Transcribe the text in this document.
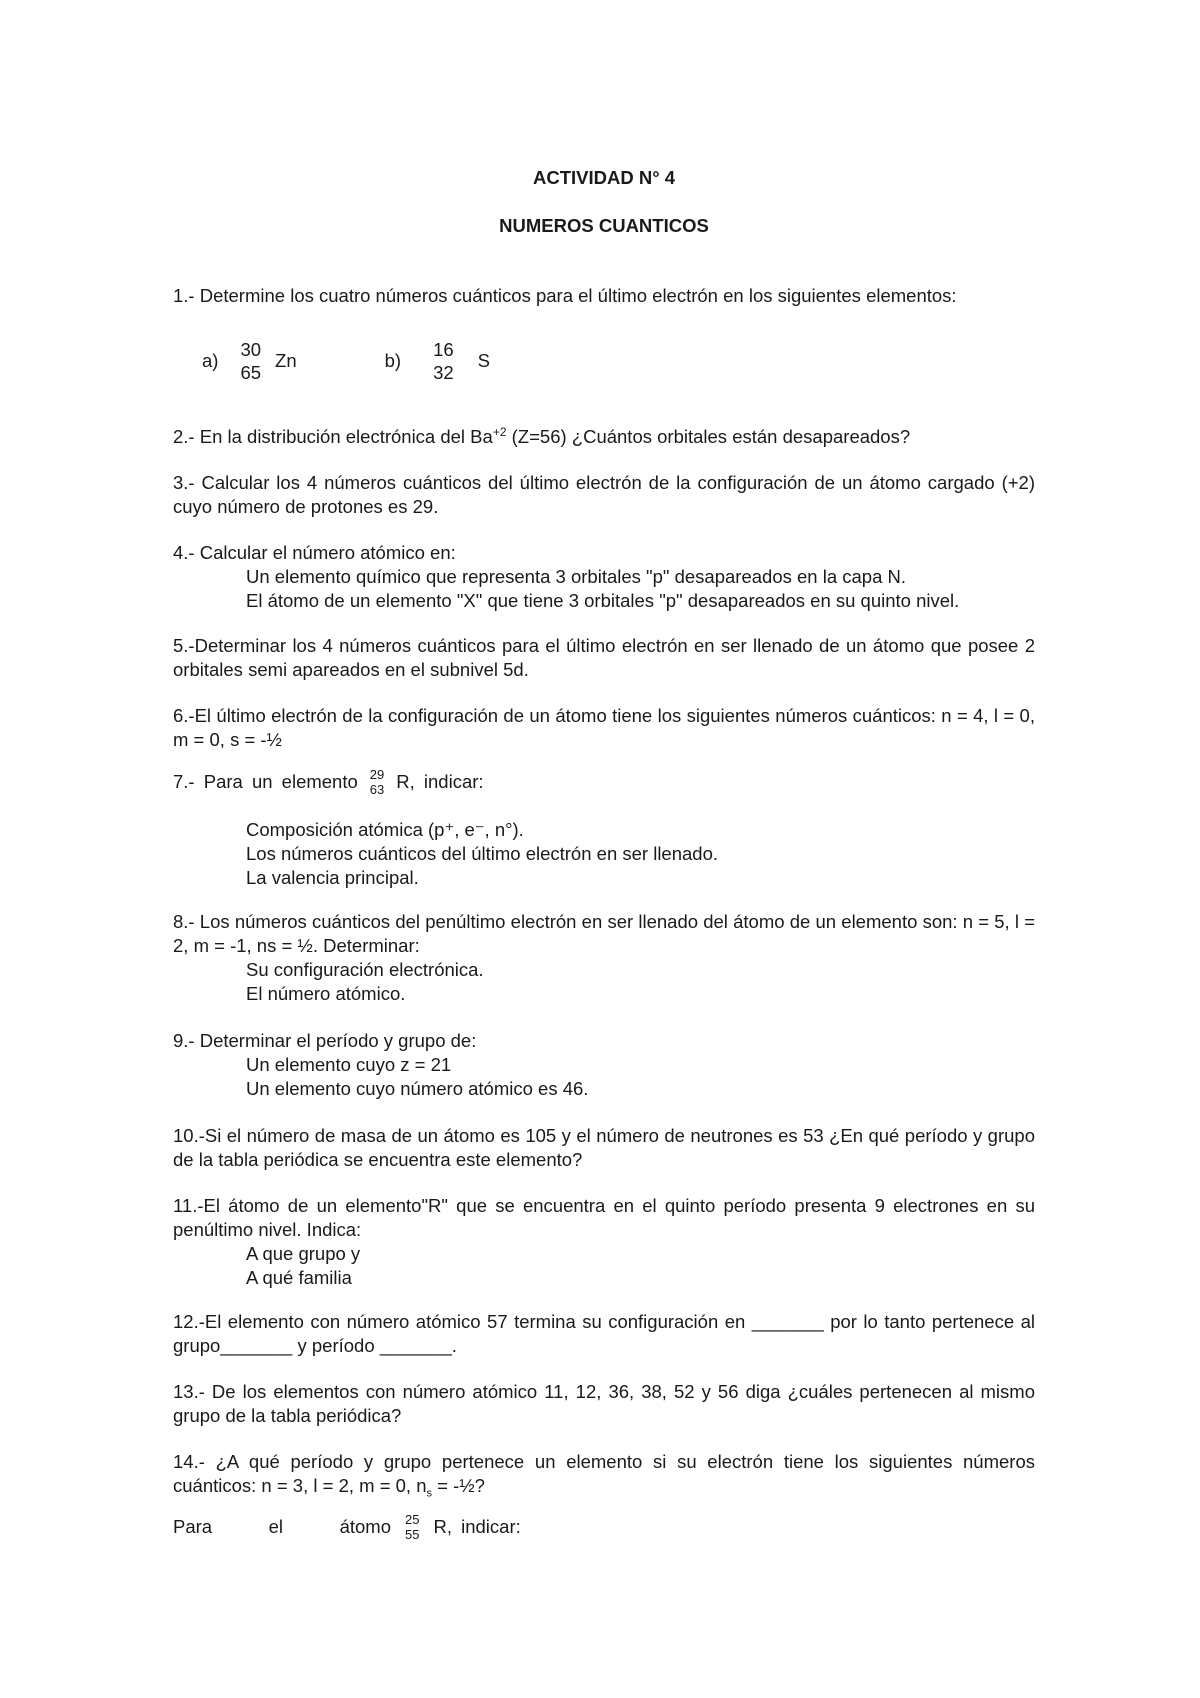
ACTIVIDAD N° 4
NUMEROS CUANTICOS
1.- Determine los cuatro números cuánticos para el último electrón en los siguientes elementos:
a)
30
65
Zn	b)
16
32
S
2.- En la distribución electrónica del $Ba^{+2}$ (Z=56) ¿Cuántos orbitales están desapareados?
3.- Calcular los 4 números cuánticos del último electrón de la configuración de un átomo cargado (+2) cuyo número de protones es 29.
4.- Calcular el número atómico en:
Un elemento químico que representa 3 orbitales "p" desapareados en la capa N.
El átomo de un elemento "X" que tiene 3 orbitales "p" desapareados en su quinto nivel.
5.-Determinar los 4 números cuánticos para el último electrón en ser llenado de un átomo que posee 2 orbitales semi apareados en el subnivel 5d.
6.-El último electrón de la configuración de un átomo tiene los siguientes números cuánticos: n = 4, l = 0, m = 0, s = -½
7.- Para un elemento 29
63 R, indicar:
Composición atómica (p⁺, e⁻, n°).
Los números cuánticos del último electrón en ser llenado.
La valencia principal.
8.- Los números cuánticos del penúltimo electrón en ser llenado del átomo de un elemento son: n = 5, l = 2, m = -1, ns = ½. Determinar:
Su configuración electrónica.
El número atómico.
9.- Determinar el período y grupo de:
Un elemento cuyo z = 21
Un elemento cuyo número atómico es 46.
10.-Si el número de masa de un átomo es 105 y el número de neutrones es 53 ¿En qué período y grupo de la tabla periódica se encuentra este elemento?
11.-El átomo de un elemento"R" que se encuentra en el quinto período presenta 9 electrones en su penúltimo nivel. Indica:
A que grupo y
A qué familia
12.-El elemento con número atómico 57 termina su configuración en _______ por lo tanto pertenece al grupo_______ y período _______.
13.- De los elementos con número atómico 11, 12, 36, 38, 52 y 56 diga ¿cuáles pertenecen al mismo grupo de la tabla periódica?
14.- ¿A qué período y grupo pertenece un elemento si su electrón tiene los siguientes números cuánticos: n = 3, l = 2, m = 0, $n_s$ = -½?
Para	el	átomo 25
55 R, indicar:
